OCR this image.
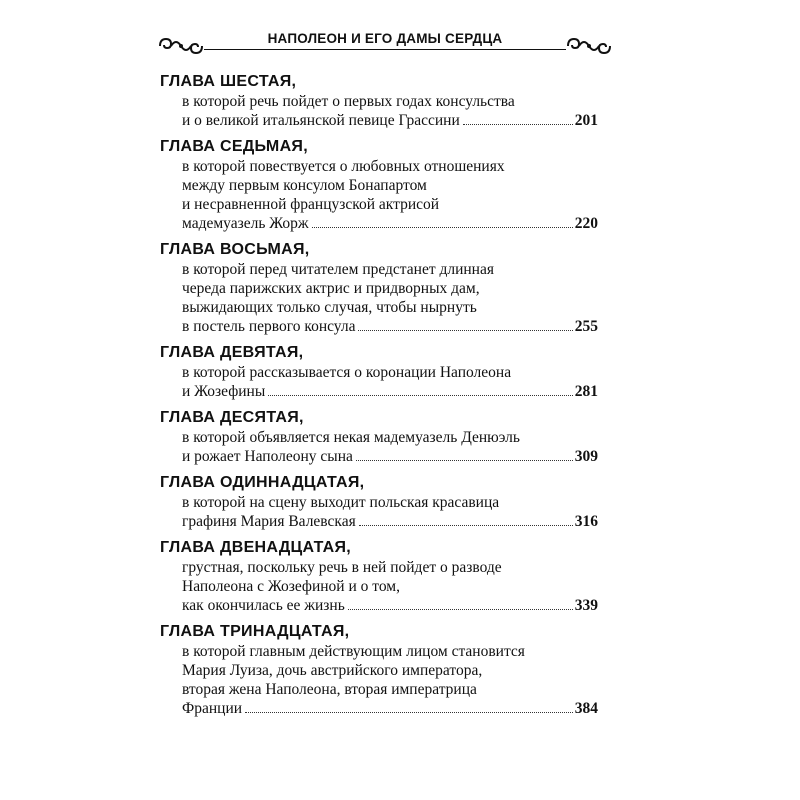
НАПОЛЕОН И ЕГО ДАМЫ СЕРДЦА
ГЛАВА ШЕСТАЯ,
в которой речь пойдет о первых годах консульства
и о великой итальянской певице Грассини	201
ГЛАВА СЕДЬМАЯ,
в которой повествуется о любовных отношениях
между первым консулом Бонапартом
и несравненной французской актрисой
мадемуазель Жорж	220
ГЛАВА ВОСЬМАЯ,
в которой перед читателем предстанет длинная
череда парижских актрис и придворных дам,
выжидающих только случая, чтобы нырнуть
в постель первого консула	255
ГЛАВА ДЕВЯТАЯ,
в которой рассказывается о коронации Наполеона
и Жозефины	281
ГЛАВА ДЕСЯТАЯ,
в которой объявляется некая мадемуазель Денюэль
и рожает Наполеону сына	309
ГЛАВА ОДИННАДЦАТАЯ,
в которой на сцену выходит польская красавица
графиня Мария Валевская	316
ГЛАВА ДВЕНАДЦАТАЯ,
грустная, поскольку речь в ней пойдет о разводе
Наполеона с Жозефиной и о том,
как окончилась ее жизнь	339
ГЛАВА ТРИНАДЦАТАЯ,
в которой главным действующим лицом становится
Мария Луиза, дочь австрийского императора,
вторая жена Наполеона, вторая императрица
Франции	384
